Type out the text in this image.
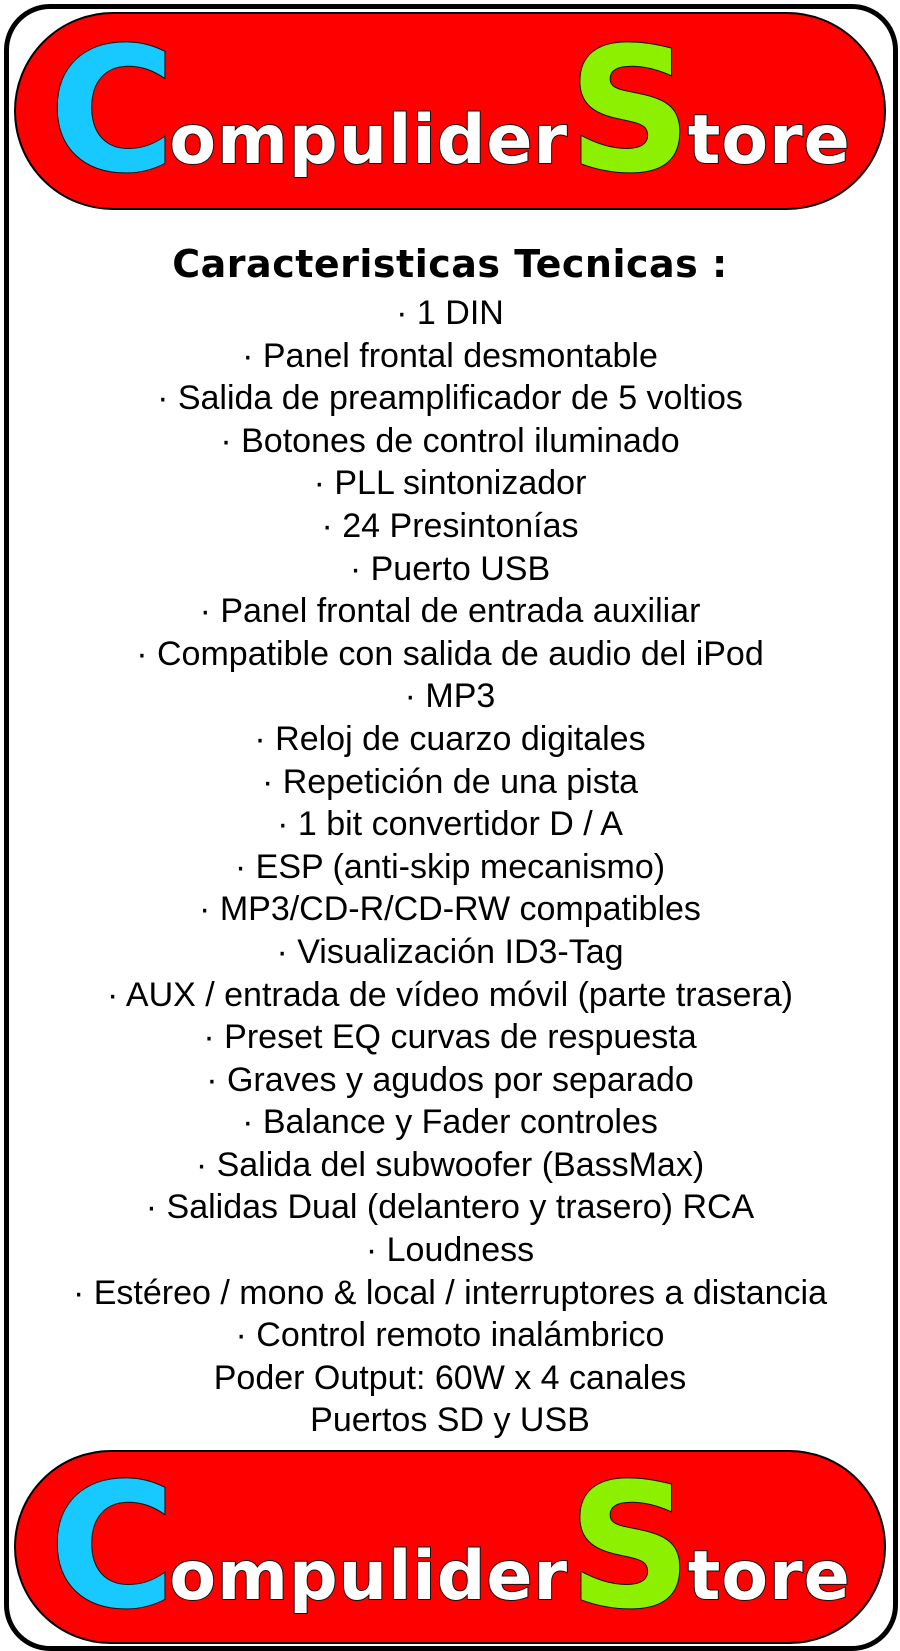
C ompulider S tore
Caracteristicas Tecnicas :
· 1 DIN
· Panel frontal desmontable
· Salida de preamplificador de 5 voltios
· Botones de control iluminado
· PLL sintonizador
· 24 Presintonías
· Puerto USB
· Panel frontal de entrada auxiliar
· Compatible con salida de audio del iPod
· MP3
· Reloj de cuarzo digitales
· Repetición de una pista
· 1 bit convertidor D / A
· ESP (anti-skip mecanismo)
· MP3/CD-R/CD-RW compatibles
· Visualización ID3-Tag
· AUX / entrada de vídeo móvil (parte trasera)
· Preset EQ curvas de respuesta
· Graves y agudos por separado
· Balance y Fader controles
· Salida del subwoofer (BassMax)
· Salidas Dual (delantero y trasero) RCA
· Loudness
· Estéreo / mono & local / interruptores a distancia
· Control remoto inalámbrico
Poder Output: 60W x 4 canales
Puertos SD y USB
C ompulider S tore
